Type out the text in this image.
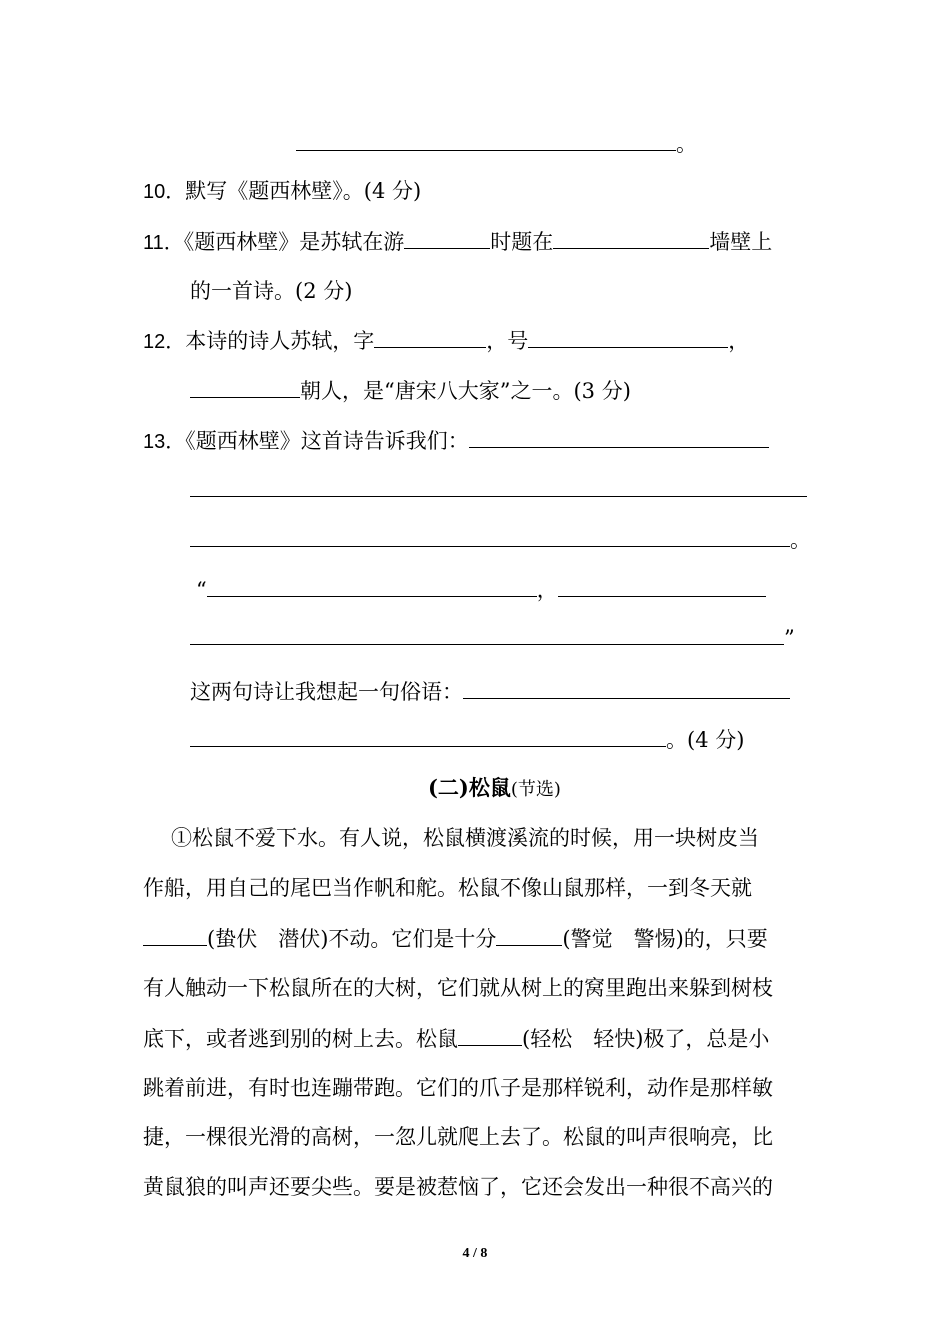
。
10．默写《题西林壁》。(4 分)
11．《题西林壁》是苏轼在游	时题在	墙壁上
的一首诗。(2 分)
12．本诗的诗人苏轼，字	，号	，
朝人，是“唐宋八大家”之一。(3 分)
13．《题西林壁》这首诗告诉我们：
。
“	，
”
这两句诗让我想起一句俗语：
。(4 分)
(二)松鼠(节选)
①松鼠不爱下水。有人说，松鼠横渡溪流的时候，用一块树皮当
作船，用自己的尾巴当作帆和舵。松鼠不像山鼠那样，一到冬天就
(蛰伏　潜伏)不动。它们是十分	(警觉　警惕)的，只要
有人触动一下松鼠所在的大树，它们就从树上的窝里跑出来躲到树枝
底下，或者逃到别的树上去。松鼠	(轻松　轻快)极了，总是小
跳着前进，有时也连蹦带跑。它们的爪子是那样锐利，动作是那样敏
捷，一棵很光滑的高树，一忽儿就爬上去了。松鼠的叫声很响亮，比
黄鼠狼的叫声还要尖些。要是被惹恼了，它还会发出一种很不高兴的
4 / 8
